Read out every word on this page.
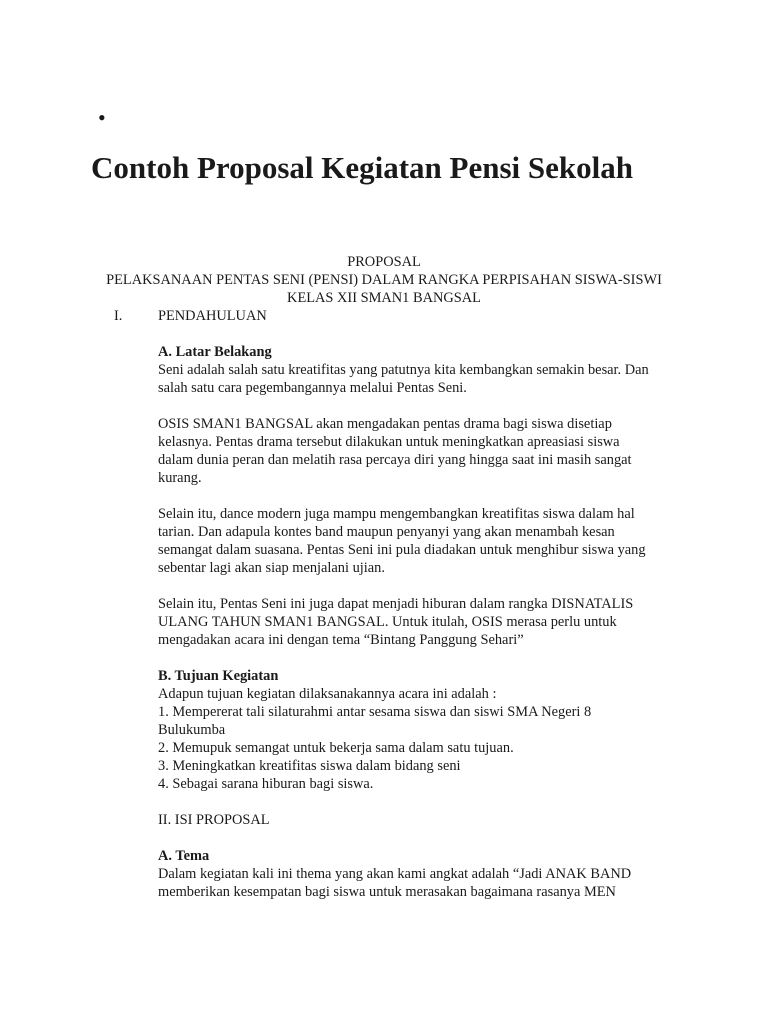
•
Contoh Proposal Kegiatan Pensi Sekolah
PROPOSAL
PELAKSANAAN PENTAS SENI (PENSI) DALAM RANGKA PERPISAHAN SISWA-SISWI
KELAS XII SMAN1 BANGSAL
I. PENDAHULUAN

A. Latar Belakang

Seni adalah salah satu kreatifitas yang patutnya kita kembangkan semakin besar. Dan

salah satu cara pegembangannya melalui Pentas Seni.

OSIS SMAN1 BANGSAL akan mengadakan pentas drama bagi siswa disetiap

kelasnya. Pentas drama tersebut dilakukan untuk meningkatkan apreasiasi siswa

dalam dunia peran dan melatih rasa percaya diri yang hingga saat ini masih sangat

kurang.

Selain itu, dance modern juga mampu mengembangkan kreatifitas siswa dalam hal

tarian. Dan adapula kontes band maupun penyanyi yang akan menambah kesan

semangat dalam suasana. Pentas Seni ini pula diadakan untuk menghibur siswa yang

sebentar lagi akan siap menjalani ujian.

Selain itu, Pentas Seni ini juga dapat menjadi hiburan dalam rangka DISNATALIS

ULANG TAHUN SMAN1 BANGSAL. Untuk itulah, OSIS merasa perlu untuk

mengadakan acara ini dengan tema “Bintang Panggung Sehari”

B. Tujuan Kegiatan

Adapun tujuan kegiatan dilaksanakannya acara ini adalah :

1. Mempererat tali silaturahmi antar sesama siswa dan siswi SMA Negeri 8

Bulukumba

2. Memupuk semangat untuk bekerja sama dalam satu tujuan.

3. Meningkatkan kreatifitas siswa dalam bidang seni

4. Sebagai sarana hiburan bagi siswa.

II. ISI PROPOSAL

A. Tema

Dalam kegiatan kali ini thema yang akan kami angkat adalah “Jadi ANAK BAND

memberikan kesempatan bagi siswa untuk merasakan bagaimana rasanya MEN
